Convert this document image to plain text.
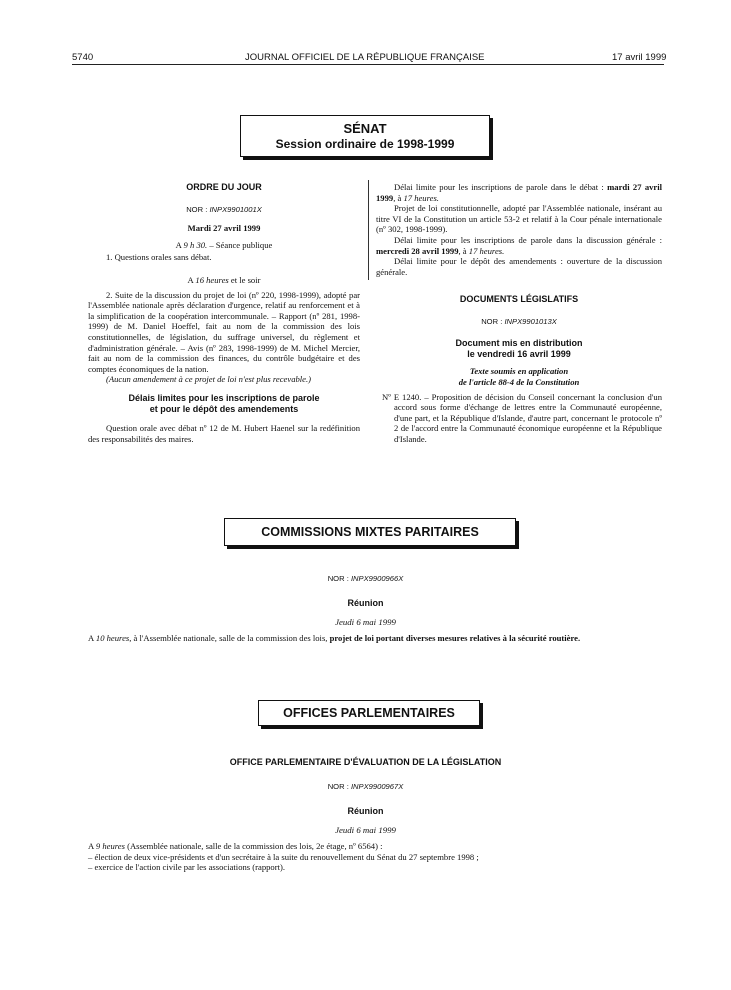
5740	JOURNAL OFFICIEL DE LA RÉPUBLIQUE FRANÇAISE	17 avril 1999
SÉNAT
Session ordinaire de 1998-1999

ORDRE DU JOUR

NOR : INPX9901001X

Mardi 27 avril 1999

A 9 h 30. – Séance publique

1. Questions orales sans débat.

A 16 heures et le soir

2. Suite de la discussion du projet de loi (nº 220, 1998-1999), adopté par l'Assemblée nationale après déclaration d'urgence, relatif au renforcement et à la simplification de la coopération intercommunale. – Rapport (nº 281, 1998-1999) de M. Daniel Hoeffel, fait au nom de la commission des lois constitutionnelles, de législation, du suffrage universel, du règlement et d'administration générale. – Avis (nº 283, 1998-1999) de M. Michel Mercier, fait au nom de la commission des finances, du contrôle budgétaire et des comptes économiques de la nation.

(Aucun amendement à ce projet de loi n'est plus recevable.)

Délais limites pour les inscriptions de parole
et pour le dépôt des amendements

Question orale avec débat nº 12 de M. Hubert Haenel sur la redéfinition des responsabilités des maires.

Délai limite pour les inscriptions de parole dans le débat : mardi 27 avril 1999, à 17 heures.

Projet de loi constitutionnelle, adopté par l'Assemblée nationale, insérant au titre VI de la Constitution un article 53-2 et relatif à la Cour pénale internationale (nº 302, 1998-1999).

Délai limite pour les inscriptions de parole dans la discussion générale : mercredi 28 avril 1999, à 17 heures.

Délai limite pour le dépôt des amendements : ouverture de la discussion générale.

DOCUMENTS LÉGISLATIFS

NOR : INPX9901013X

Document mis en distribution
le vendredi 16 avril 1999

Texte soumis en application
de l'article 88-4 de la Constitution

Nº E 1240. – Proposition de décision du Conseil concernant la conclusion d'un accord sous forme d'échange de lettres entre la Communauté européenne, d'une part, et la République d'Islande, d'autre part, concernant le protocole nº 2 de l'accord entre la Communauté économique européenne et la République d'Islande.

COMMISSIONS MIXTES PARITAIRES
NOR : INPX9900966X
Réunion
Jeudi 6 mai 1999
A 10 heures, à l'Assemblée nationale, salle de la commission des lois, projet de loi portant diverses mesures relatives à la sécurité routière.
OFFICES PARLEMENTAIRES
OFFICE PARLEMENTAIRE D'ÉVALUATION DE LA LÉGISLATION
NOR : INPX9900967X
Réunion
Jeudi 6 mai 1999

A 9 heures (Assemblée nationale, salle de la commission des lois, 2e étage, nº 6564) :

– élection de deux vice-présidents et d'un secrétaire à la suite du renouvellement du Sénat du 27 septembre 1998 ;

– exercice de l'action civile par les associations (rapport).
